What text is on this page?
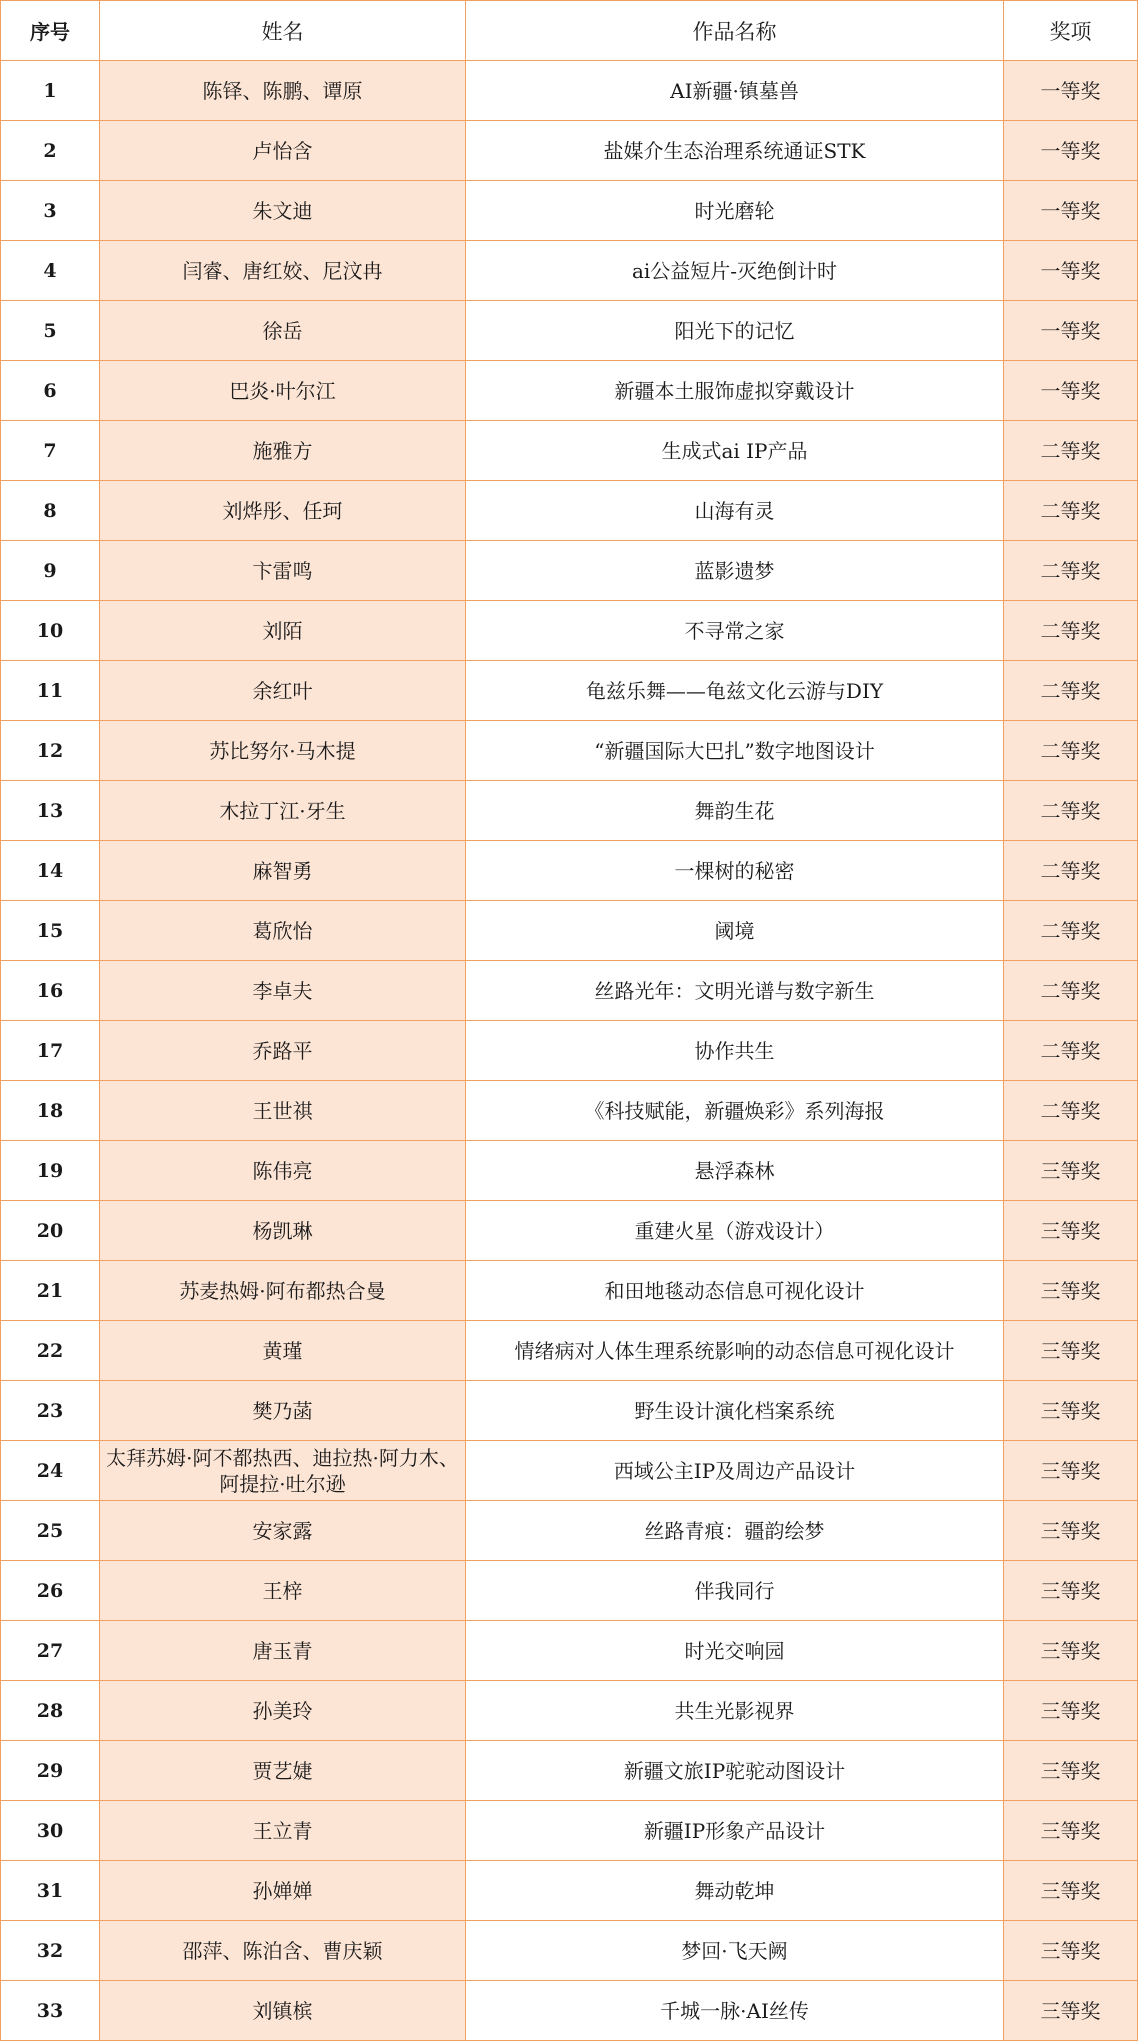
序号	姓名	作品名称	奖项
1	陈铎、陈鹏、谭原	AI新疆·镇墓兽	一等奖
2	卢怡含	盐媒介生态治理系统通证STK	一等奖
3	朱文迪	时光磨轮	一等奖
4	闫睿、唐红姣、尼汶冉	ai公益短片-灭绝倒计时	一等奖
5	徐岳	阳光下的记忆	一等奖
6	巴炎·叶尔江	新疆本土服饰虚拟穿戴设计	一等奖
7	施雅方	生成式ai IP产品	二等奖
8	刘烨彤、任珂	山海有灵	二等奖
9	卞雷鸣	蓝影遗梦	二等奖
10	刘陌	不寻常之家	二等奖
11	余红叶	龟兹乐舞——龟兹文化云游与DIY	二等奖
12	苏比努尔·马木提	“新疆国际大巴扎”数字地图设计	二等奖
13	木拉丁江·牙生	舞韵生花	二等奖
14	麻智勇	一棵树的秘密	二等奖
15	葛欣怡	阈境	二等奖
16	李卓夫	丝路光年：文明光谱与数字新生	二等奖
17	乔路平	协作共生	二等奖
18	王世祺	《科技赋能，新疆焕彩》系列海报	二等奖
19	陈伟亮	悬浮森林	三等奖
20	杨凯琳	重建火星（游戏设计）	三等奖
21	苏麦热姆·阿布都热合曼	和田地毯动态信息可视化设计	三等奖
22	黄瑾	情绪病对人体生理系统影响的动态信息可视化设计	三等奖
23	樊乃菡	野生设计演化档案系统	三等奖
24	太拜苏姆·阿不都热西、迪拉热·阿力木、阿提拉·吐尔逊	西域公主IP及周边产品设计	三等奖
25	安家露	丝路青痕：疆韵绘梦	三等奖
26	王梓	伴我同行	三等奖
27	唐玉青	时光交响园	三等奖
28	孙美玲	共生光影视界	三等奖
29	贾艺婕	新疆文旅IP驼驼动图设计	三等奖
30	王立青	新疆IP形象产品设计	三等奖
31	孙婵婵	舞动乾坤	三等奖
32	邵萍、陈泊含、曹庆颖	梦回·飞天阙	三等奖
33	刘镇槟	千城一脉·AI丝传	三等奖
